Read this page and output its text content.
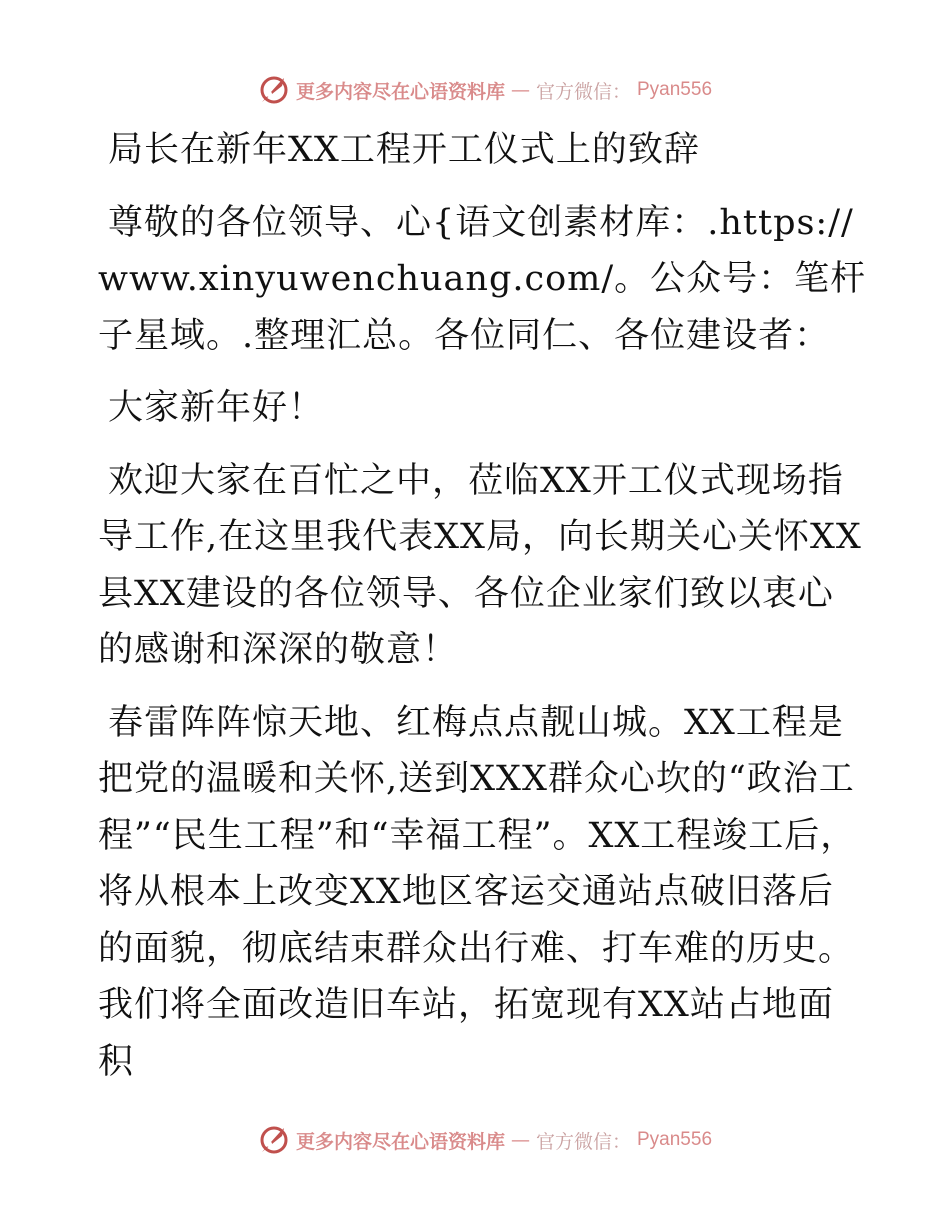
更多内容尽在心语资料库 — 官方微信： Pyan556

局长在新年XX工程开工仪式上的致辞

尊敬的各位领导、心{语文创素材库：.https://www.xinyuwenchuang.com/。公众号：笔杆子星域。.整理汇总。各位同仁、各位建设者：

大家新年好！

欢迎大家在百忙之中，莅临XX开工仪式现场指导工作,在这里我代表XX局，向长期关心关怀XX县XX建设的各位领导、各位企业家们致以衷心的感谢和深深的敬意！

春雷阵阵惊天地、红梅点点靓山城。XX工程是把党的温暖和关怀,送到XXX群众心坎的“政治工程”“民生工程”和“幸福工程”。XX工程竣工后，将从根本上改变XX地区客运交通站点破旧落后的面貌，彻底结束群众出行难、打车难的历史。我们将全面改造旧车站，拓宽现有XX站占地面积

更多内容尽在心语资料库 — 官方微信： Pyan556
